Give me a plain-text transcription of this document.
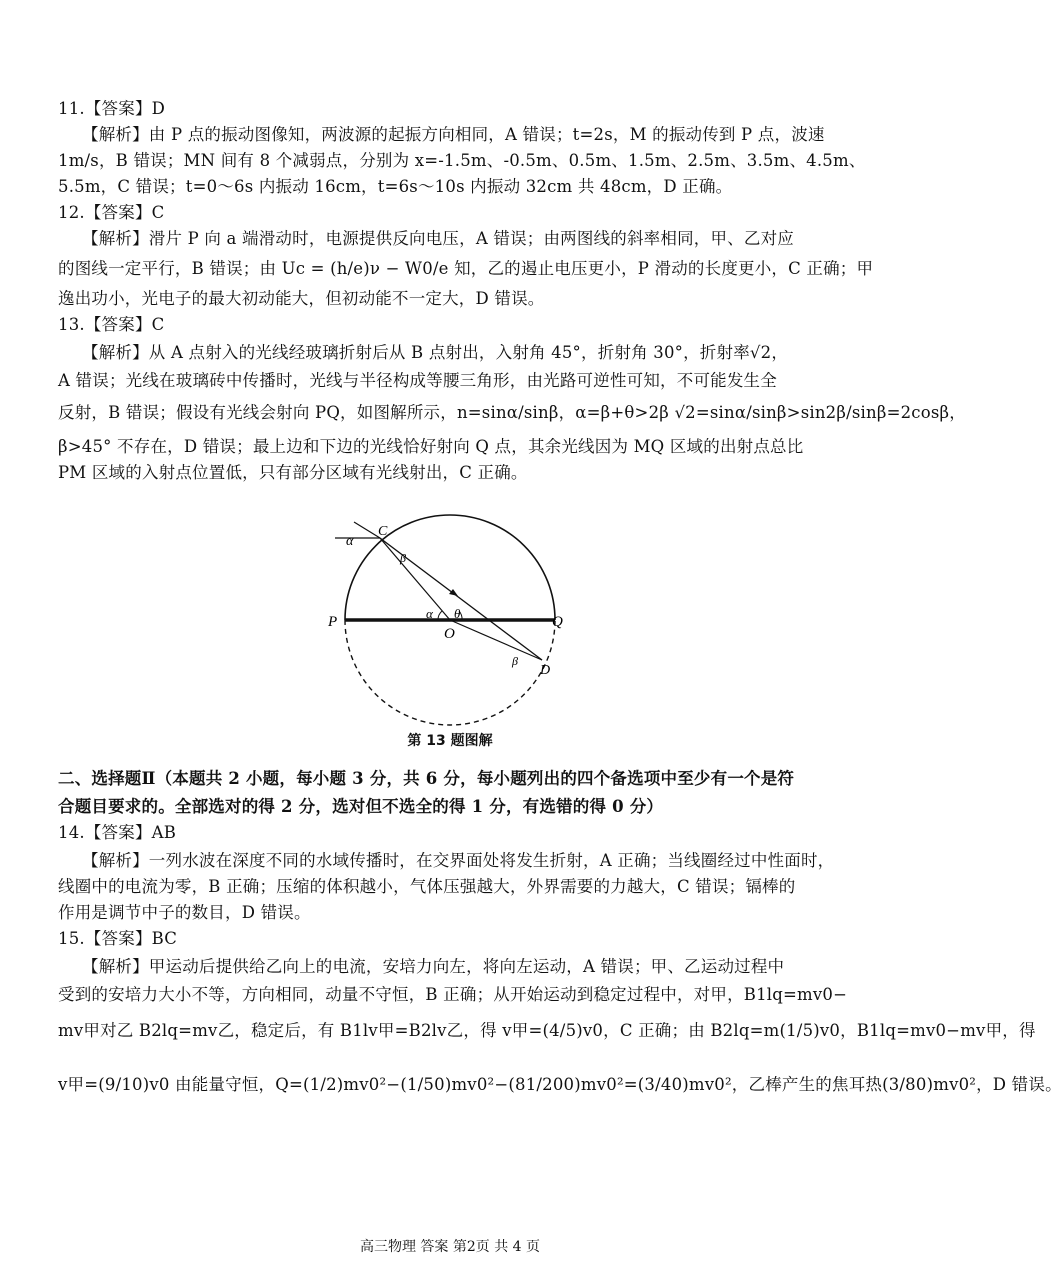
11.【答案】D
【解析】由 P 点的振动图像知，两波源的起振方向相同，A 错误；t=2s，M 的振动传到 P 点，波速
1m/s，B 错误；MN 间有 8 个减弱点，分别为 x=-1.5m、-0.5m、0.5m、1.5m、2.5m、3.5m、4.5m、
5.5m，C 错误；t=0～6s 内振动 16cm，t=6s～10s 内振动 32cm 共 48cm，D 正确。
12.【答案】C
【解析】滑片 P 向 a 端滑动时，电源提供反向电压，A 错误；由两图线的斜率相同，甲、乙对应
的图线一定平行，B 错误；由 Uc = (h/e)ν − W0/e 知，乙的遏止电压更小，P 滑动的长度更小，C 正确；甲
逸出功小，光电子的最大初动能大，但初动能不一定大，D 错误。
13.【答案】C
【解析】从 A 点射入的光线经玻璃折射后从 B 点射出，入射角 45°，折射角 30°，折射率√2，
A 错误；光线在玻璃砖中传播时，光线与半径构成等腰三角形，由光路可逆性可知，不可能发生全
反射，B 错误；假设有光线会射向 PQ，如图解所示，n=sinα/sinβ，α=β+θ>2β √2=sinα/sinβ>sin2β/sinβ=2cosβ，
β>45° 不存在，D 错误；最上边和下边的光线恰好射向 Q 点，其余光线因为 MQ 区域的出射点总比
PM 区域的入射点位置低，只有部分区域有光线射出，C 正确。
α
C
β
α θ
P
O
Q
β
D
第 13 题图解
二、选择题Ⅱ（本题共 2 小题，每小题 3 分，共 6 分，每小题列出的四个备选项中至少有一个是符
合题目要求的。全部选对的得 2 分，选对但不选全的得 1 分，有选错的得 0 分）
14.【答案】AB
【解析】一列水波在深度不同的水域传播时，在交界面处将发生折射，A 正确；当线圈经过中性面时，
线圈中的电流为零，B 正确；压缩的体积越小，气体压强越大，外界需要的力越大，C 错误；镉棒的
作用是调节中子的数目，D 错误。
15.【答案】BC
【解析】甲运动后提供给乙向上的电流，安培力向左，将向左运动，A 错误；甲、乙运动过程中
受到的安培力大小不等，方向相同，动量不守恒，B 正确；从开始运动到稳定过程中，对甲，B1lq=mv0−
mv甲对乙 B2lq=mv乙，稳定后，有 B1lv甲=B2lv乙，得 v甲=(4/5)v0，C 正确；由 B2lq=m(1/5)v0，B1lq=mv0−mv甲，得
v甲=(9/10)v0 由能量守恒，Q=(1/2)mv0²−(1/50)mv0²−(81/200)mv0²=(3/40)mv0²，乙棒产生的焦耳热(3/80)mv0²，D 错误。
高三物理 答案 第2页 共 4 页
